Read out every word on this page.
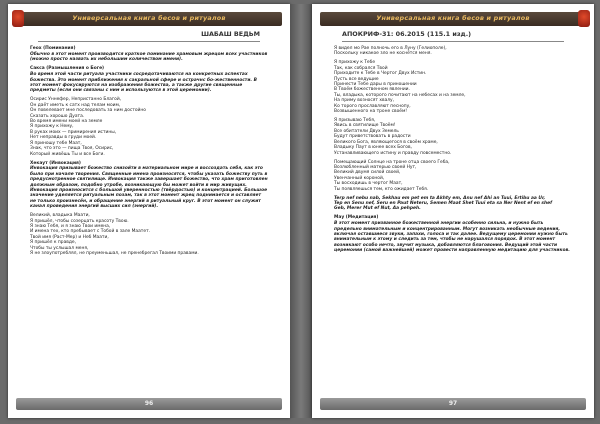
Универсальная книга бесов и ритуалов
ШАБАШ ВЕДЬМ

Геох (Поминания)
Обычно в этот момент производится краткое поминание храмовым жрецом всех участников (можно просто назвать их небольшим количеством имени).

Сакса (Размышления о Боге)
Во время этой части ритуала участники сосредотачиваются на конкретных аспектах божества. Это момент приближения к сакральной сфере и острачнс бо-жественности. В этот момент фокусируются на изображения божества, а также другие священные предметы (если они связаны с ним и используются в этой церемонии).

Осирис Уннефер, Непристанно Благой,
Он даёт иметь к сатх над телам моим,
Он повелевает мне последовать за ним достойно
Сказать хорошо Дуата.
Во время имени моей на земле
Я прихожу к Нему,
В руках моих — примирения истины,
Нет неправды в груди моей.
Я приношу тебе Маат,
Знак, что это — пища Твоя, Осирис,
Который живёшь Ты и все Боги.

Хекаут (Инвокация)
Инвокация призывает божество снизойти в материальном мире и воссоздать себя, как это было при начале творения. Священные имена произносятся, чтобы указать божеству путь в предусмотренное святилище. Инвокация также завершает божество, что храм приготовлен должным образом, подобно утробе, возникающую бы может войти в мир живущих. Инвокация произносится с большой уверенностью (твёрдостью) и концентрацией. Большое значение уделяется ритуальным позам, так в этот момент жрец поднимается и оставляет не только произнесён, и обращение энергий в ритуальный круг. В этот момент он служит канал проведения энергий высших сил (энергий).

Великий, владыка Маати,
Я пришёл, чтобы созерцать красоту Твою.
Я знаю Тебя, и я знаю Твои имена,
И имена тех, кто пребывает с Тобой в зале Маатет.
Твой имя (Раст-Мер) и Неб Маати,
Я пришёл к правде,
Чтобы ты услышал меня,
Я не злоупотреблял, не преуменьшал, не пренебрегал Твоими правами.

96
Универсальная книга бесов и ритуалов
АПОКРИФ-31: 06.2015 (115.1 изд.)

Я видел мо Рае полночь его в Луну (Гелиополе),
Поскольку никакое зло не коснётся меня.

Я прихожу к Тебе
Так, как собрался Твой
Приходите к Тебе в Чертог Двух Истин.
Пусть все ведущие
Принести Тебе дары в приношении
В Твоём божественном явлении.
Ты, владыка, которого почитают на небесах и на земле,
На приму возносят хвалу,
Ко торого прославляют песнопу,
Возвышенного на троне своём!

Я призываю Тебя,
Явись в святилище Твоём!
Все обитатели Двух Земель
Будут приветствовать в радости
Великого Бога, являющегося в своём храме,
Владыку Паут в юнее всех Богов,
Устанавливающего истину и правду повсеместно.

Помещающий Солнце на троне отца своего Геба,
Возлюбленный матерью своей Нут,
Великий двумя силой своей,
Увенчанный короной,
Ты восходишь в чертог Маат,
Ты появляешься тем, кто ожидает Тебя.

Terp nef nebu nab, Sekhau em pet em ta Akhty em, Anu nef Ahi an Tuui, Ertibu aa Ur,
Tep en Senu nef, Seru en Paut Neteru, Semen Maat Shet Tuui eta sa Ner Nent ef en shef
Geb, Merer Mut ef Nut, Aa pehpeh.

Мау (Медитация)
В этот момент призванное божественной энергии особенно сильна, и нужно быть предельно внимательным и концентрированным. Могут возникать необычные ведения, включая оставшиеся звуки, запахи, голоса и так далее. Ведущему церемонии нужно быть внимательным к этому и следить за тем, чтобы не нарушался порядок. В этот момент возникают особо нечто, звучит музыка, добавляются благовония. Ведущий этой части церемонии (самой важнейшей) может провести направленную медитацию для участников.

97
